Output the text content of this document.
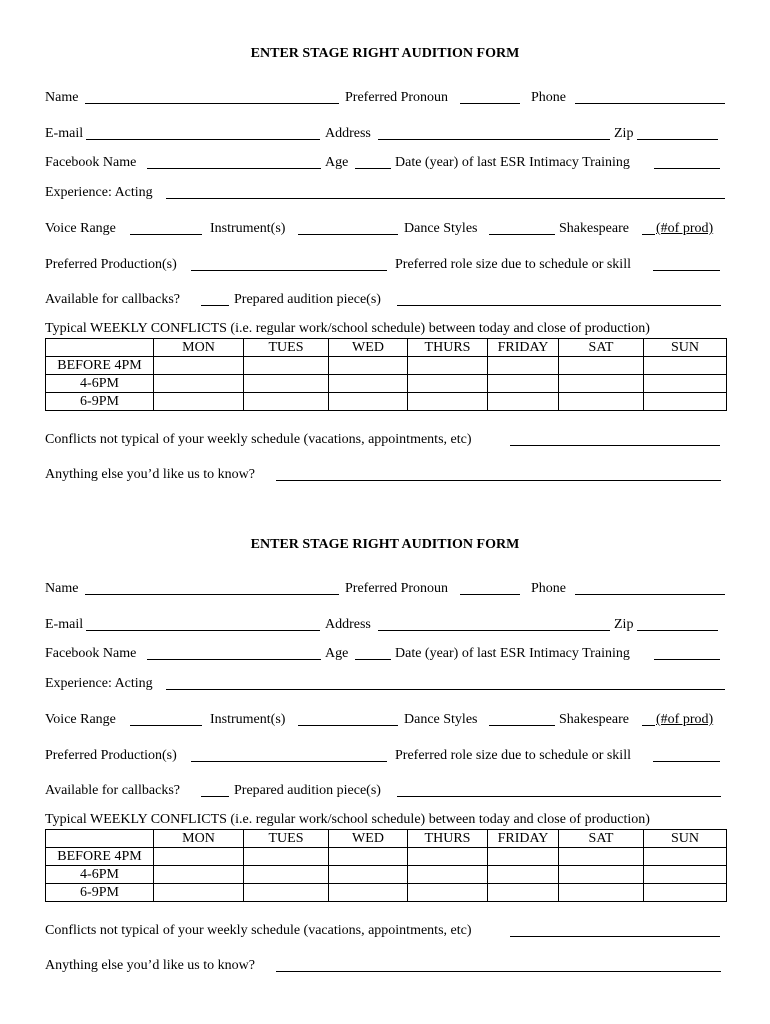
ENTER STAGE RIGHT AUDITION FORM
Name	Preferred Pronoun	Phone
E-mail	Address	Zip
Facebook Name	Age	Date (year) of last ESR Intimacy Training
Experience: Acting
Voice Range	Instrument(s)	Dance Styles	Shakespeare (#of prod)
Preferred Production(s)	Preferred role size due to schedule or skill
Available for callbacks?	Prepared audition piece(s)
Typical WEEKLY CONFLICTS (i.e. regular work/school schedule) between today and close of production)
	MON	TUES	WED	THURS	FRIDAY	SAT	SUN
BEFORE 4PM							
4-6PM							
6-9PM							
Conflicts not typical of your weekly schedule (vacations, appointments, etc)
Anything else you’d like us to know?
ENTER STAGE RIGHT AUDITION FORM
Name	Preferred Pronoun	Phone
E-mail	Address	Zip
Facebook Name	Age	Date (year) of last ESR Intimacy Training
Experience: Acting
Voice Range	Instrument(s)	Dance Styles	Shakespeare (#of prod)
Preferred Production(s)	Preferred role size due to schedule or skill
Available for callbacks?	Prepared audition piece(s)
Typical WEEKLY CONFLICTS (i.e. regular work/school schedule) between today and close of production)
	MON	TUES	WED	THURS	FRIDAY	SAT	SUN
BEFORE 4PM							
4-6PM							
6-9PM							
Conflicts not typical of your weekly schedule (vacations, appointments, etc)
Anything else you’d like us to know?
